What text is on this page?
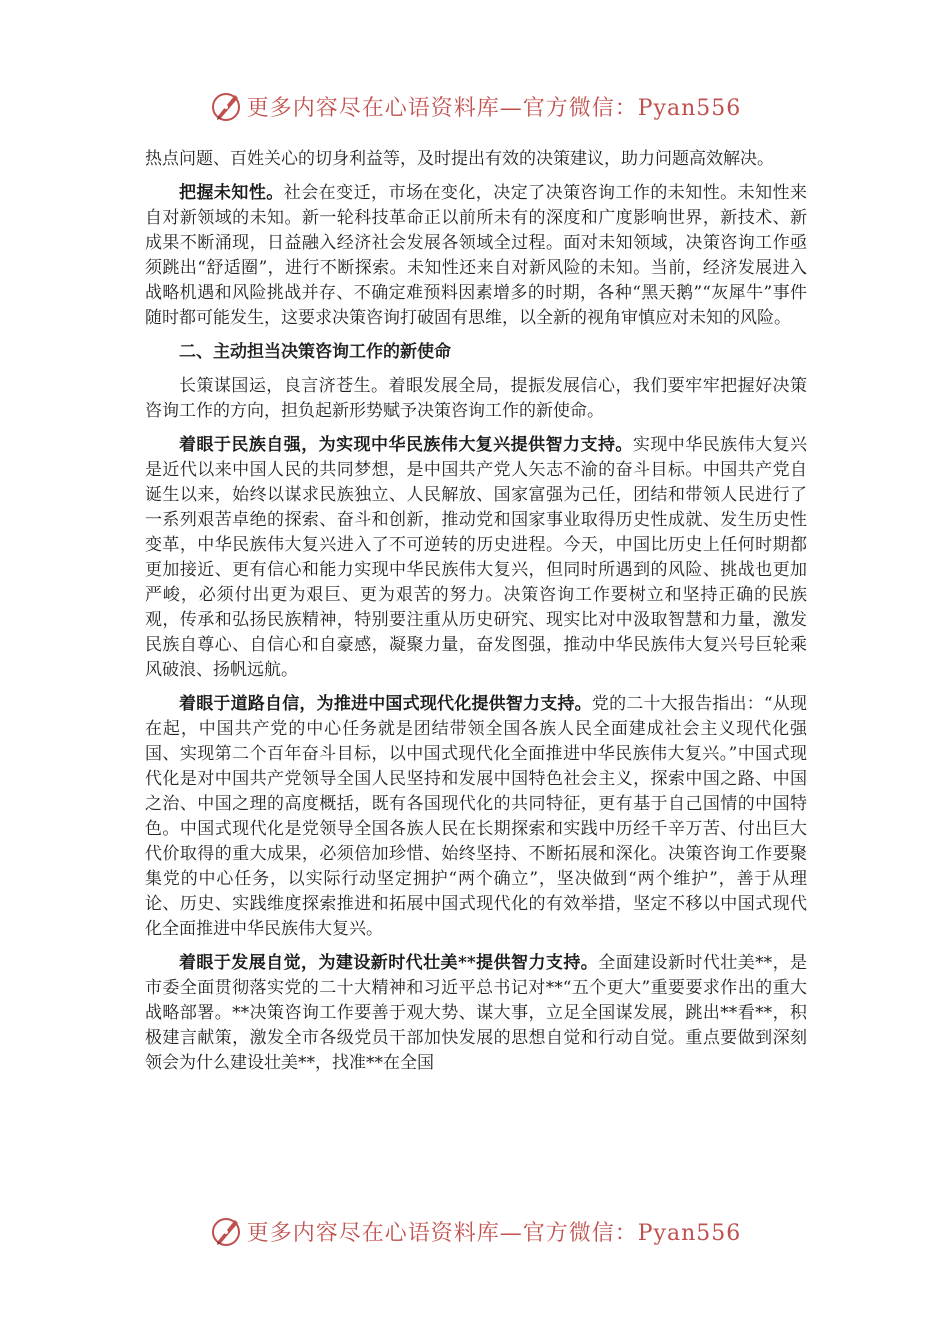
更多内容尽在心语资料库—官方微信：Pyan556

热点问题、百姓关心的切身利益等，及时提出有效的决策建议，助力问题高效解决。

把握未知性。社会在变迁，市场在变化，决定了决策咨询工作的未知性。未知性来自对新领域的未知。新一轮科技革命正以前所未有的深度和广度影响世界，新技术、新成果不断涌现，日益融入经济社会发展各领域全过程。面对未知领域，决策咨询工作亟须跳出“舒适圈”，进行不断探索。未知性还来自对新风险的未知。当前，经济发展进入战略机遇和风险挑战并存、不确定难预料因素增多的时期，各种“黑天鹅”“灰犀牛”事件随时都可能发生，这要求决策咨询打破固有思维，以全新的视角审慎应对未知的风险。

二、主动担当决策咨询工作的新使命

长策谋国运，良言济苍生。着眼发展全局，提振发展信心，我们要牢牢把握好决策咨询工作的方向，担负起新形势赋予决策咨询工作的新使命。

着眼于民族自强，为实现中华民族伟大复兴提供智力支持。实现中华民族伟大复兴是近代以来中国人民的共同梦想，是中国共产党人矢志不渝的奋斗目标。中国共产党自诞生以来，始终以谋求民族独立、人民解放、国家富强为己任，团结和带领人民进行了一系列艰苦卓绝的探索、奋斗和创新，推动党和国家事业取得历史性成就、发生历史性变革，中华民族伟大复兴进入了不可逆转的历史进程。今天，中国比历史上任何时期都更加接近、更有信心和能力实现中华民族伟大复兴，但同时所遇到的风险、挑战也更加严峻，必须付出更为艰巨、更为艰苦的努力。决策咨询工作要树立和坚持正确的民族观，传承和弘扬民族精神，特别要注重从历史研究、现实比对中汲取智慧和力量，激发民族自尊心、自信心和自豪感，凝聚力量，奋发图强，推动中华民族伟大复兴号巨轮乘风破浪、扬帆远航。

着眼于道路自信，为推进中国式现代化提供智力支持。党的二十大报告指出：“从现在起，中国共产党的中心任务就是团结带领全国各族人民全面建成社会主义现代化强国、实现第二个百年奋斗目标，以中国式现代化全面推进中华民族伟大复兴。”中国式现代化是对中国共产党领导全国人民坚持和发展中国特色社会主义，探索中国之路、中国之治、中国之理的高度概括，既有各国现代化的共同特征，更有基于自己国情的中国特色。中国式现代化是党领导全国各族人民在长期探索和实践中历经千辛万苦、付出巨大代价取得的重大成果，必须倍加珍惜、始终坚持、不断拓展和深化。决策咨询工作要聚集党的中心任务，以实际行动坚定拥护“两个确立”，坚决做到“两个维护”，善于从理论、历史、实践维度探索推进和拓展中国式现代化的有效举措，坚定不移以中国式现代化全面推进中华民族伟大复兴。

着眼于发展自觉，为建设新时代壮美**提供智力支持。全面建设新时代壮美**，是市委全面贯彻落实党的二十大精神和习近平总书记对**“五个更大”重要要求作出的重大战略部署。**决策咨询工作要善于观大势、谋大事，立足全国谋发展，跳出**看**，积极建言献策，激发全市各级党员干部加快发展的思想自觉和行动自觉。重点要做到深刻领会为什么建设壮美**，找准**在全国

更多内容尽在心语资料库—官方微信：Pyan556
